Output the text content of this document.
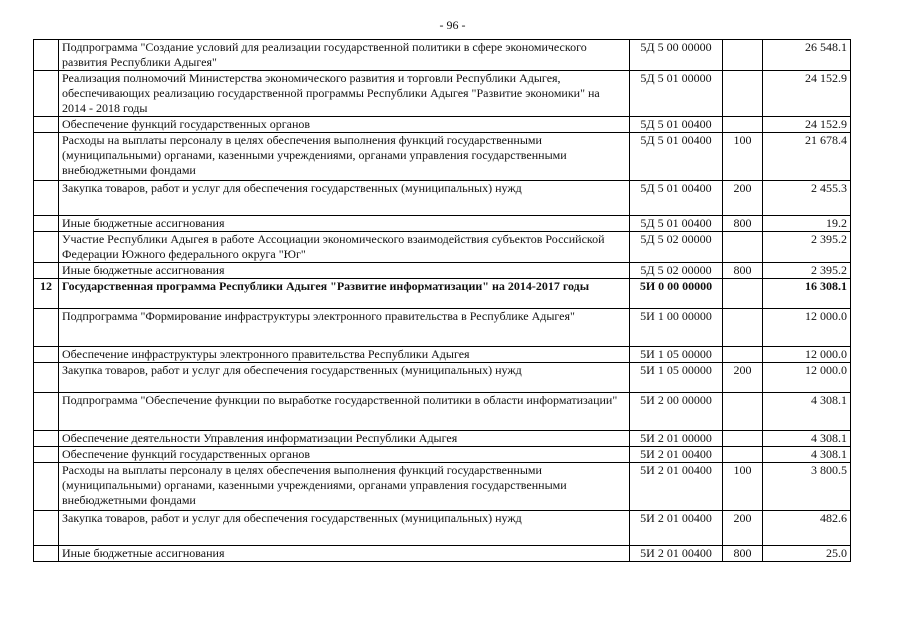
- 96 -
	Подпрограмма "Создание условий для реализации государственной политики в сфере экономического развития Республики Адыгея"	5Д 5 00 00000		26 548.1
	Реализация полномочий Министерства экономического развития и торговли Республики Адыгея, обеспечивающих реализацию государственной программы Республики Адыгея "Развитие экономики" на 2014 - 2018 годы	5Д 5 01 00000		24 152.9
	Обеспечение функций государственных органов	5Д 5 01 00400		24 152.9
	Расходы на выплаты персоналу в целях обеспечения выполнения функций государственными (муниципальными) органами, казенными учреждениями, органами управления государственными внебюджетными фондами	5Д 5 01 00400	100	21 678.4
	Закупка товаров, работ и услуг для обеспечения государственных (муниципальных) нужд	5Д 5 01 00400	200	2 455.3
	Иные бюджетные ассигнования	5Д 5 01 00400	800	19.2
	Участие Республики Адыгея в работе Ассоциации экономического взаимодействия субъектов Российской Федерации Южного федерального округа "Юг"	5Д 5 02 00000		2 395.2
	Иные бюджетные ассигнования	5Д 5 02 00000	800	2 395.2
12	Государственная программа Республики Адыгея "Развитие информатизации" на 2014-2017 годы	5И 0 00 00000		16 308.1
	Подпрограмма "Формирование инфраструктуры электронного правительства в Республике Адыгея"	5И 1 00 00000		12 000.0
	Обеспечение инфраструктуры электронного правительства Республики Адыгея	5И 1 05 00000		12 000.0
	Закупка товаров, работ и услуг для обеспечения государственных (муниципальных) нужд	5И 1 05 00000	200	12 000.0
	Подпрограмма "Обеспечение функции по выработке государственной политики в области информатизации"	5И 2 00 00000		4 308.1
	Обеспечение деятельности Управления информатизации Республики Адыгея	5И 2 01 00000		4 308.1
	Обеспечение функций государственных органов	5И 2 01 00400		4 308.1
	Расходы на выплаты персоналу в целях обеспечения выполнения функций государственными (муниципальными) органами, казенными учреждениями, органами управления государственными внебюджетными фондами	5И 2 01 00400	100	3 800.5
	Закупка товаров, работ и услуг для обеспечения государственных (муниципальных) нужд	5И 2 01 00400	200	482.6
	Иные бюджетные ассигнования	5И 2 01 00400	800	25.0
